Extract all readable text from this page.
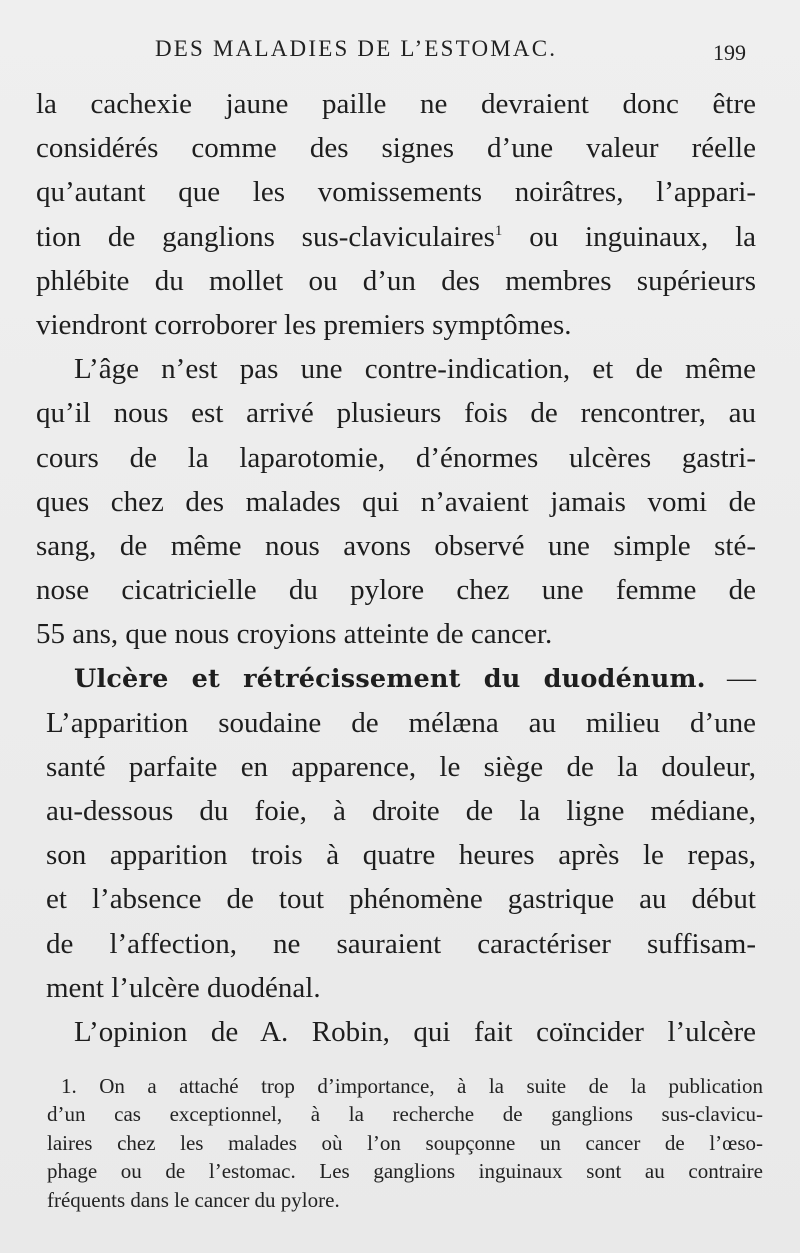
DES MALADIES DE L’ESTOMAC.	199
la cachexie jaune paille ne devraient donc être
considérés comme des signes d’une valeur réelle
qu’autant que les vomissements noirâtres, l’appari-
tion de ganglions sus-claviculaires$^1$ ou inguinaux, la
phlébite du mollet ou d’un des membres supérieurs
viendront corroborer les premiers symptômes.
L’âge n’est pas une contre-indication, et de même
qu’il nous est arrivé plusieurs fois de rencontrer, au
cours de la laparotomie, d’énormes ulcères gastri-
ques chez des malades qui n’avaient jamais vomi de
sang, de même nous avons observé une simple sté-
nose cicatricielle du pylore chez une femme de
55 ans, que nous croyions atteinte de cancer.
Ulcère et rétrécissement du duodénum. —
L’apparition soudaine de mélæna au milieu d’une
santé parfaite en apparence, le siège de la douleur,
au-dessous du foie, à droite de la ligne médiane,
son apparition trois à quatre heures après le repas,
et l’absence de tout phénomène gastrique au début
de l’affection, ne sauraient caractériser suffisam-
ment l’ulcère duodénal.
L’opinion de A. Robin, qui fait coïncider l’ulcère
1. On a attaché trop d’importance, à la suite de la publication
d’un cas exceptionnel, à la recherche de ganglions sus-clavicu-
laires chez les malades où l’on soupçonne un cancer de l’œso-
phage ou de l’estomac. Les ganglions inguinaux sont au contraire
fréquents dans le cancer du pylore.
